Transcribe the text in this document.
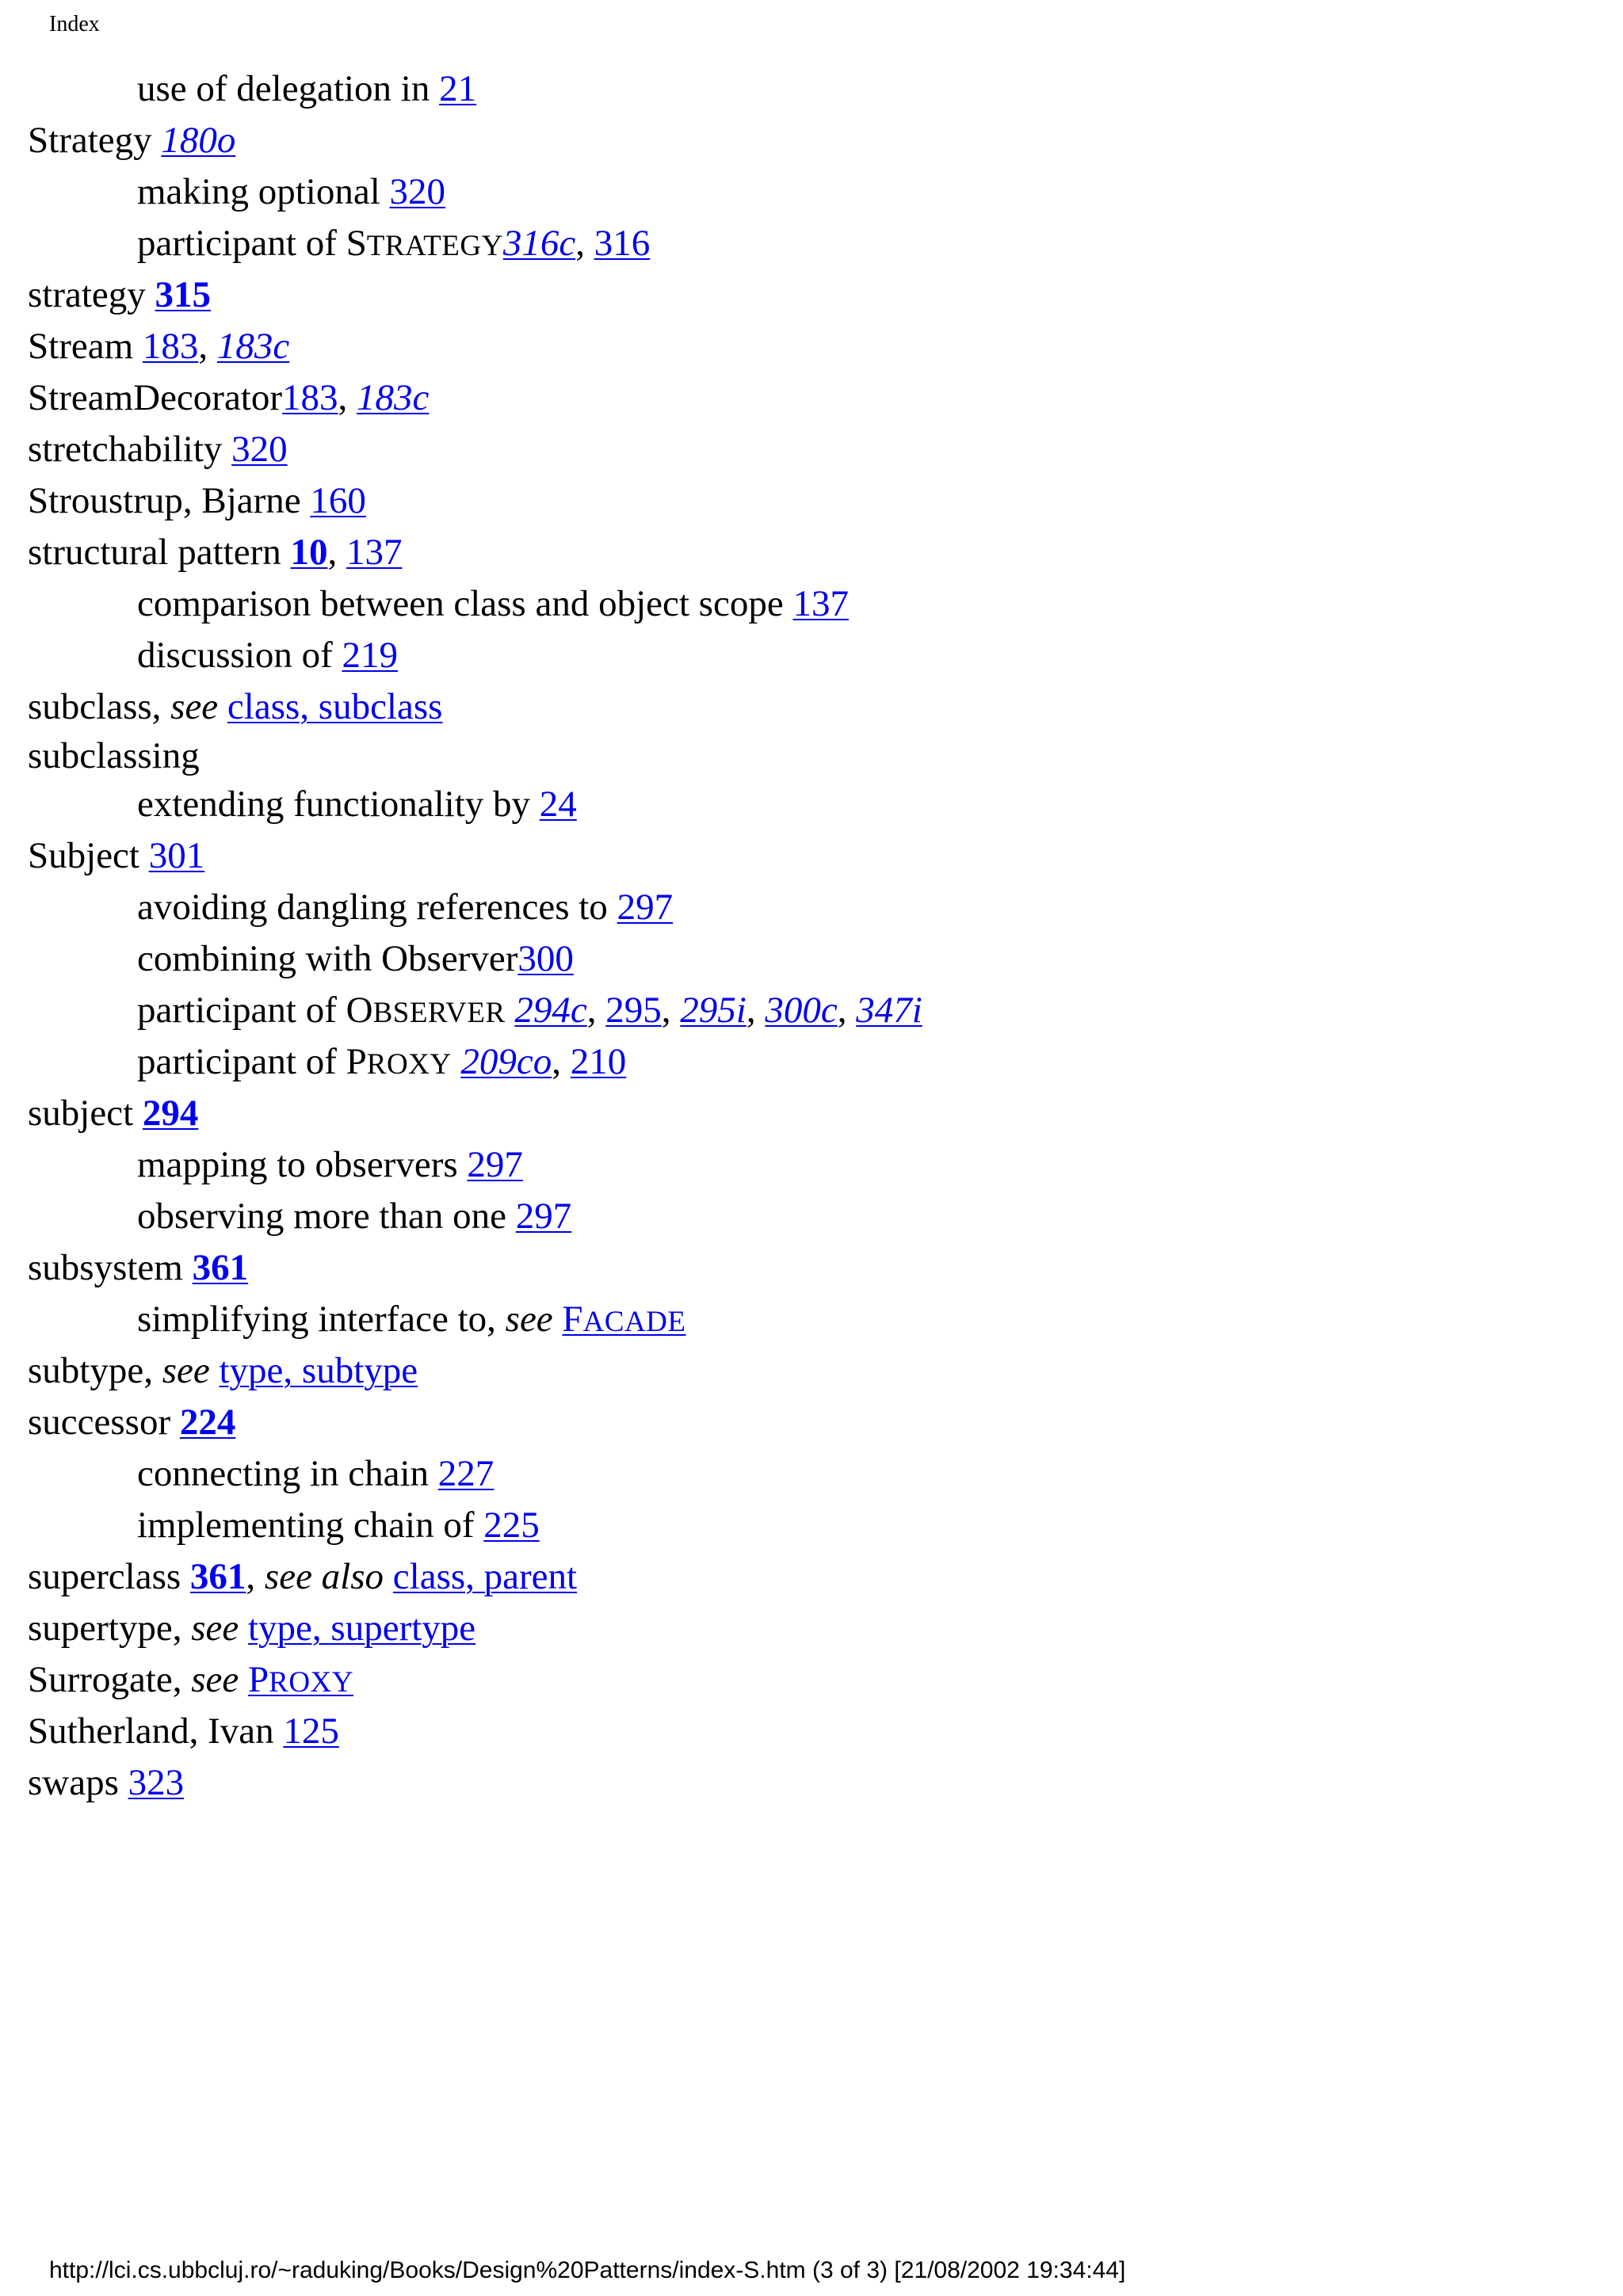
Index
use of delegation in 21
Strategy 180o
making optional 320
participant of STRATEGY316c, 316
strategy 315
Stream 183, 183c
StreamDecorator183, 183c
stretchability 320
Stroustrup, Bjarne 160
structural pattern 10, 137
comparison between class and object scope 137
discussion of 219
subclass, see class, subclass
subclassing
extending functionality by 24
Subject 301
avoiding dangling references to 297
combining with Observer300
participant of OBSERVER 294c, 295, 295i, 300c, 347i
participant of PROXY 209co, 210
subject 294
mapping to observers 297
observing more than one 297
subsystem 361
simplifying interface to, see FACADE
subtype, see type, subtype
successor 224
connecting in chain 227
implementing chain of 225
superclass 361, see also class, parent
supertype, see type, supertype
Surrogate, see PROXY
Sutherland, Ivan 125
swaps 323
http://lci.cs.ubbcluj.ro/~raduking/Books/Design%20Patterns/index-S.htm (3 of 3) [21/08/2002 19:34:44]
